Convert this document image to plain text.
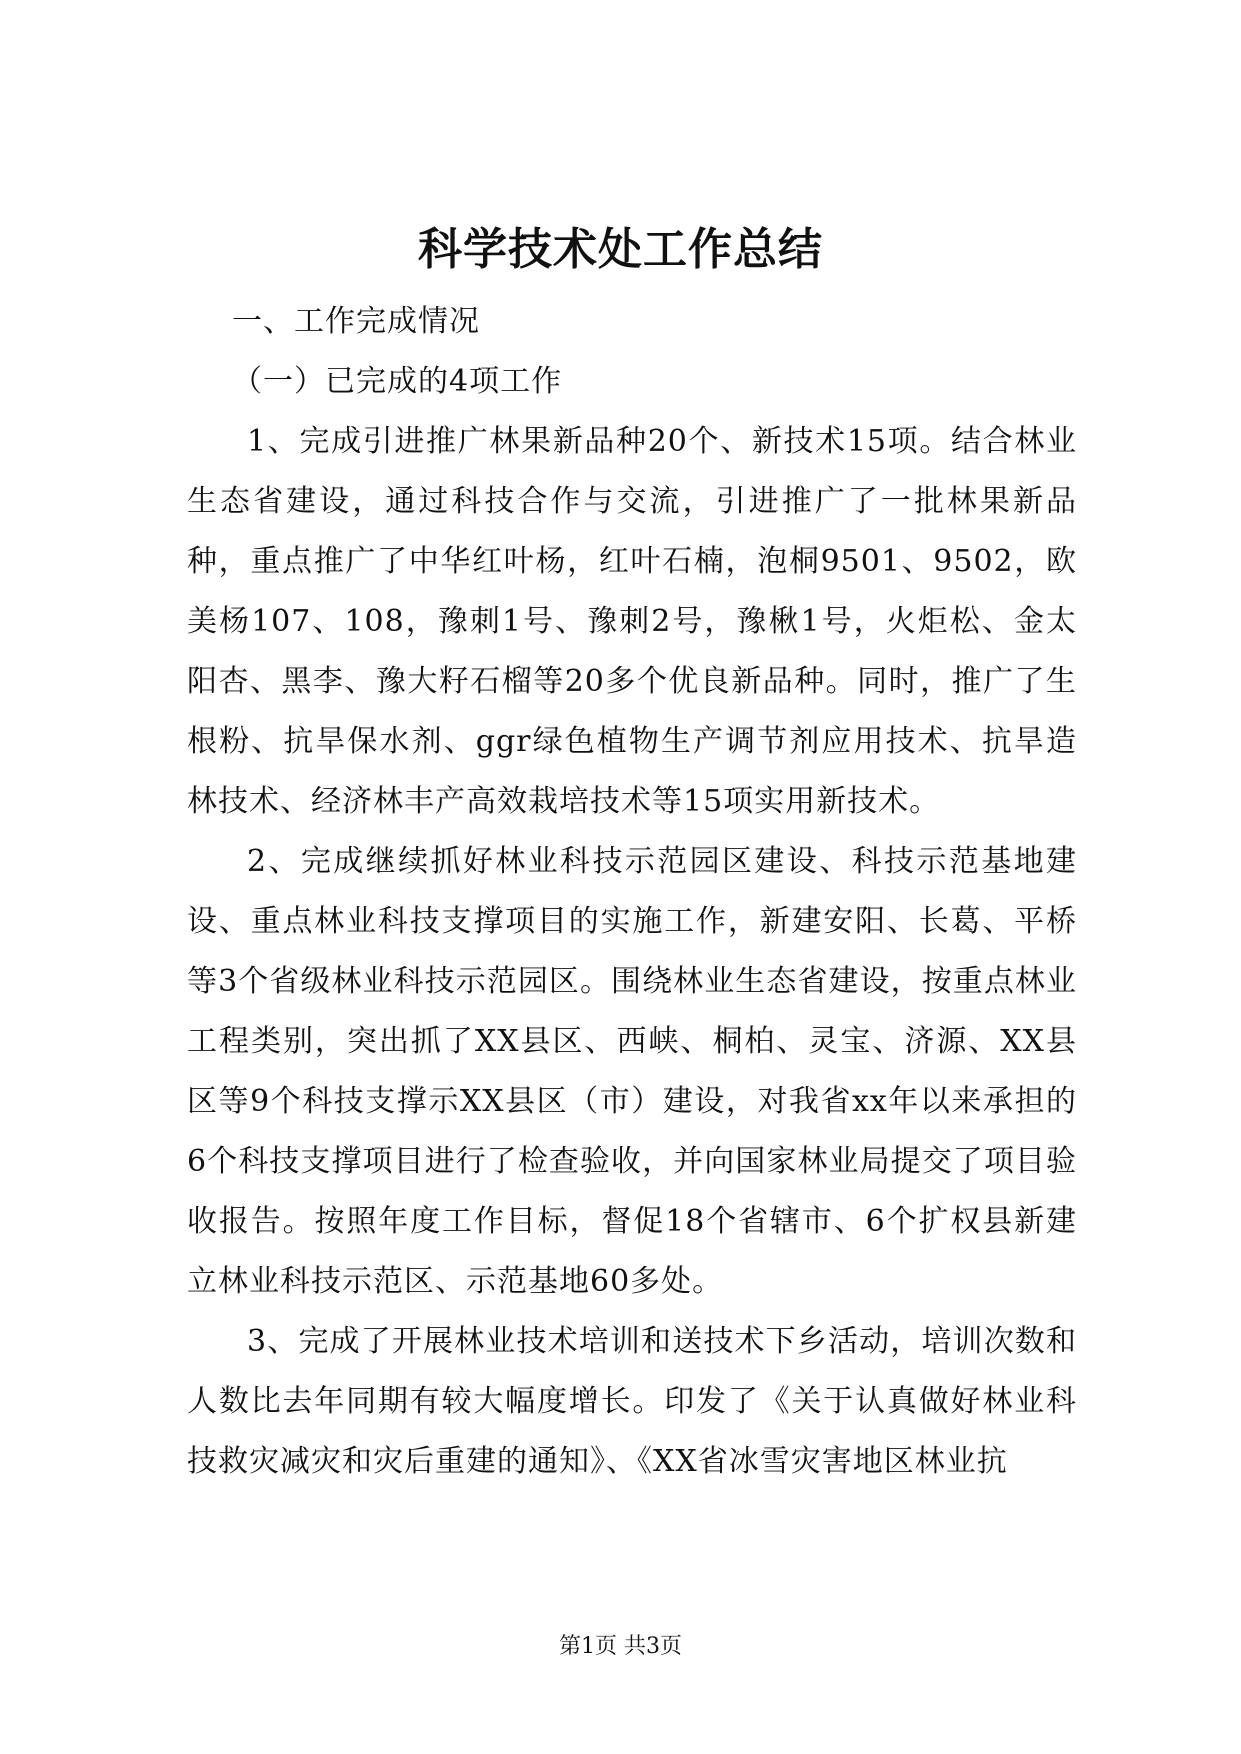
科学技术处工作总结

一、工作完成情况

（一）已完成的4项工作

1、完成引进推广林果新品种20个、新技术15项。结合林业生态省建设，通过科技合作与交流，引进推广了一批林果新品种，重点推广了中华红叶杨，红叶石楠，泡桐9501、9502，欧美杨107、108，豫刺1号、豫刺2号，豫楸1号，火炬松、金太阳杏、黑李、豫大籽石榴等20多个优良新品种。同时，推广了生根粉、抗旱保水剂、ggr绿色植物生产调节剂应用技术、抗旱造林技术、经济林丰产高效栽培技术等15项实用新技术。

2、完成继续抓好林业科技示范园区建设、科技示范基地建设、重点林业科技支撑项目的实施工作，新建安阳、长葛、平桥等3个省级林业科技示范园区。围绕林业生态省建设，按重点林业工程类别，突出抓了XX县区、西峡、桐柏、灵宝、济源、XX县区等9个科技支撑示XX县区（市）建设，对我省xx年以来承担的6个科技支撑项目进行了检查验收，并向国家林业局提交了项目验收报告。按照年度工作目标，督促18个省辖市、6个扩权县新建立林业科技示范区、示范基地60多处。

3、完成了开展林业技术培训和送技术下乡活动，培训次数和人数比去年同期有较大幅度增长。印发了《关于认真做好林业科技救灾减灾和灾后重建的通知》、《XX省冰雪灾害地区林业抗

第1页 共3页
